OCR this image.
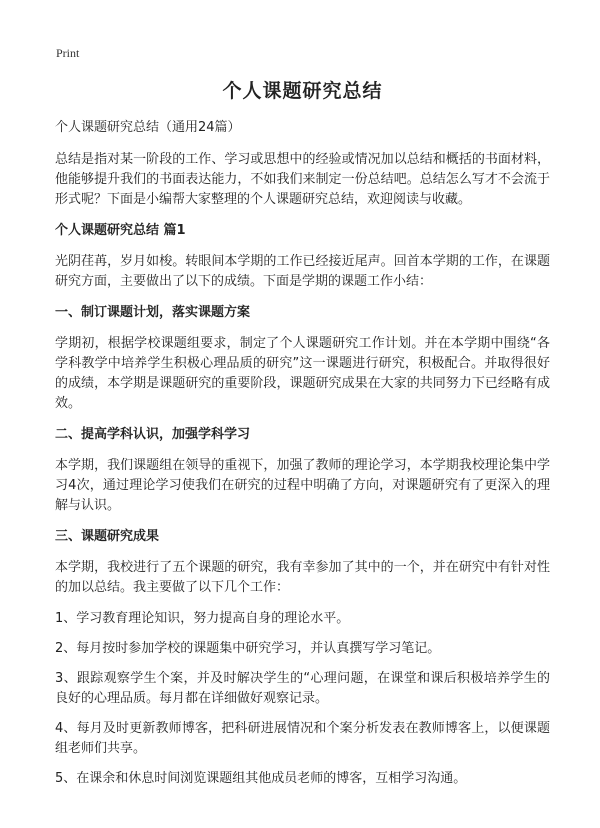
Print
个人课题研究总结
个人课题研究总结（通用24篇）

总结是指对某一阶段的工作、学习或思想中的经验或情况加以总结和概括的书面材料，他能够提升我们的书面表达能力，不如我们来制定一份总结吧。总结怎么写才不会流于形式呢？下面是小编帮大家整理的个人课题研究总结，欢迎阅读与收藏。

个人课题研究总结 篇1

光阴荏苒，岁月如梭。转眼间本学期的工作已经接近尾声。回首本学期的工作，在课题研究方面，主要做出了以下的成绩。下面是学期的课题工作小结：

一、制订课题计划，落实课题方案

学期初，根据学校课题组要求，制定了个人课题研究工作计划。并在本学期中围绕“各学科教学中培养学生积极心理品质的研究”这一课题进行研究，积极配合。并取得很好的成绩，本学期是课题研究的重要阶段，课题研究成果在大家的共同努力下已经略有成效。

二、提高学科认识，加强学科学习

本学期，我们课题组在领导的重视下，加强了教师的理论学习，本学期我校理论集中学习4次，通过理论学习使我们在研究的过程中明确了方向，对课题研究有了更深入的理解与认识。

三、课题研究成果

本学期，我校进行了五个课题的研究，我有幸参加了其中的一个，并在研究中有针对性的加以总结。我主要做了以下几个工作：

1、学习教育理论知识，努力提高自身的理论水平。

2、每月按时参加学校的课题集中研究学习，并认真撰写学习笔记。

3、跟踪观察学生个案，并及时解决学生的“心理问题，在课堂和课后积极培养学生的良好的心理品质。每月都在详细做好观察记录。

4、每月及时更新教师博客，把科研进展情况和个案分析发表在教师博客上，以便课题组老师们共享。

5、在课余和休息时间浏览课题组其他成员老师的博客，互相学习沟通。
